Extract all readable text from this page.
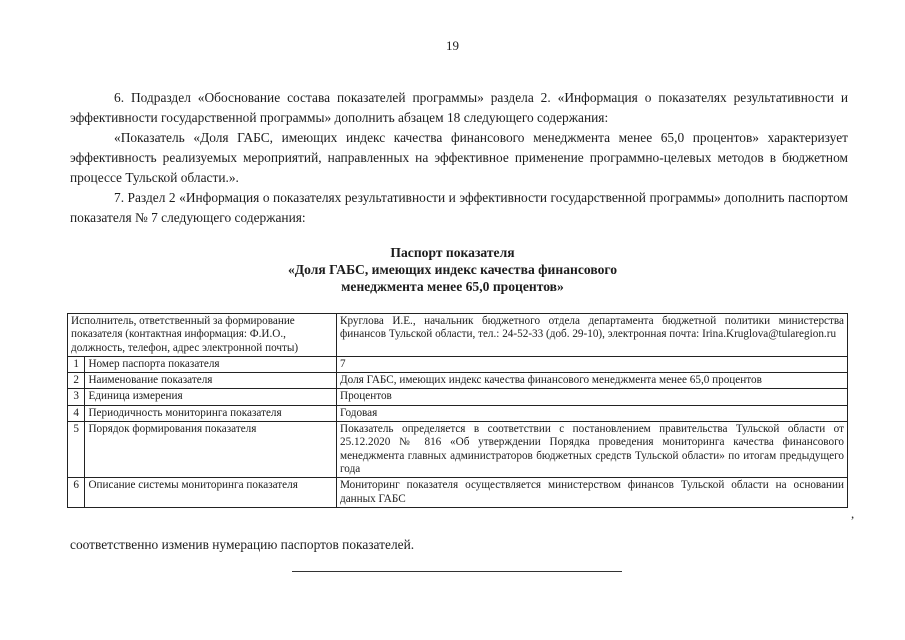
19

6. Подраздел «Обоснование состава показателей программы» раздела 2. «Информация о показателях результативности и эффективности государственной программы» дополнить абзацем 18 следующего содержания:

«Показатель «Доля ГАБС, имеющих индекс качества финансового менеджмента менее 65,0 процентов» характеризует эффективность реализуемых мероприятий, направленных на эффективное применение программно-целевых методов в бюджетном процессе Тульской области.».

7. Раздел 2 «Информация о показателях результативности и эффективности государственной программы» дополнить паспортом показателя № 7 следующего содержания:

Паспорт показателя
«Доля ГАБС, имеющих индекс качества финансового
менеджмента менее 65,0 процентов»
Исполнитель, ответственный за формирование показателя (контактная информация: Ф.И.О., должность, телефон, адрес электронной почты)		Круглова И.Е., начальник бюджетного отдела департамента бюджетной политики министерства финансов Тульской области, тел.: 24-52-33 (доб. 29-10), электронная почта: Irina.Kruglova@tularegion.ru
1	Номер паспорта показателя	7
2	Наименование показателя	Доля ГАБС, имеющих индекс качества финансового менеджмента менее 65,0 процентов
3	Единица измерения	Процентов
4	Периодичность мониторинга показателя	Годовая
5	Порядок формирования показателя	Показатель определяется в соответствии с постановлением правительства Тульской области от 25.12.2020 № 816 «Об утверждении Порядка проведения мониторинга качества финансового менеджмента главных администраторов бюджетных средств Тульской области» по итогам предыдущего года
6	Описание системы мониторинга показателя	Мониторинг показателя осуществляется министерством финансов Тульской области на основании данных ГАБС
,
соответственно изменив нумерацию паспортов показателей.
